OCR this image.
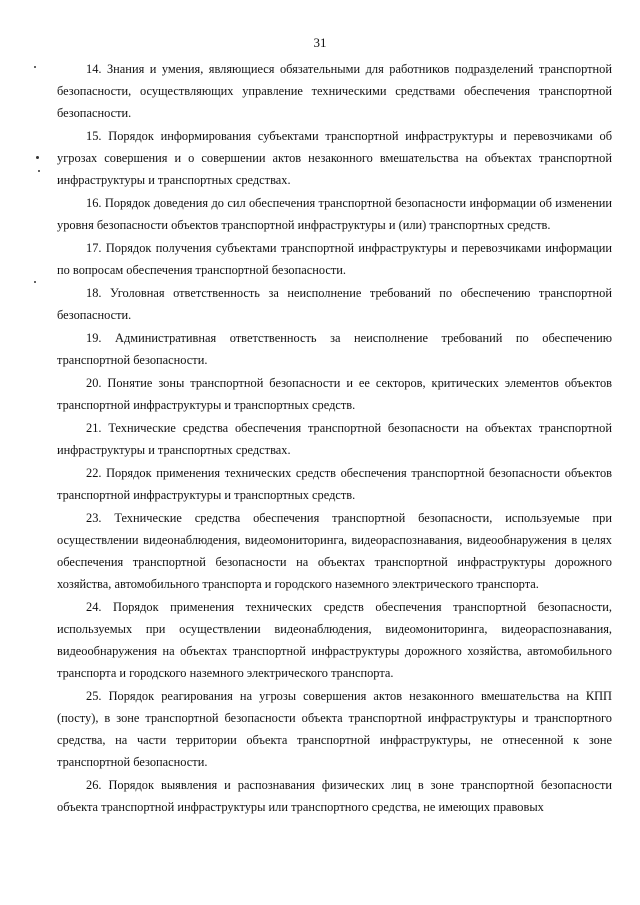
31

14. Знания и умения, являющиеся обязательными для работников подразделений транспортной безопасности, осуществляющих управление техническими средствами обеспечения транспортной безопасности.

15. Порядок информирования субъектами транспортной инфраструктуры и перевозчиками об угрозах совершения и о совершении актов незаконного вмешательства на объектах транспортной инфраструктуры и транспортных средствах.

16. Порядок доведения до сил обеспечения транспортной безопасности информации об изменении уровня безопасности объектов транспортной инфраструктуры и (или) транспортных средств.

17. Порядок получения субъектами транспортной инфраструктуры и перевозчиками информации по вопросам обеспечения транспортной безопасности.

18. Уголовная ответственность за неисполнение требований по обеспечению транспортной безопасности.

19. Административная ответственность за неисполнение требований по обеспечению транспортной безопасности.

20. Понятие зоны транспортной безопасности и ее секторов, критических элементов объектов транспортной инфраструктуры и транспортных средств.

21. Технические средства обеспечения транспортной безопасности на объектах транспортной инфраструктуры и транспортных средствах.

22. Порядок применения технических средств обеспечения транспортной безопасности объектов транспортной инфраструктуры и транспортных средств.

23. Технические средства обеспечения транспортной безопасности, используемые при осуществлении видеонаблюдения, видеомониторинга, видеораспознавания, видеообнаружения в целях обеспечения транспортной безопасности на объектах транспортной инфраструктуры дорожного хозяйства, автомобильного транспорта и городского наземного электрического транспорта.

24. Порядок применения технических средств обеспечения транспортной безопасности, используемых при осуществлении видеонаблюдения, видеомониторинга, видеораспознавания, видеообнаружения на объектах транспортной инфраструктуры дорожного хозяйства, автомобильного транспорта и городского наземного электрического транспорта.

25. Порядок реагирования на угрозы совершения актов незаконного вмешательства на КПП (посту), в зоне транспортной безопасности объекта транспортной инфраструктуры и транспортного средства, на части территории объекта транспортной инфраструктуры, не отнесенной к зоне транспортной безопасности.

26. Порядок выявления и распознавания физических лиц в зоне транспортной безопасности объекта транспортной инфраструктуры или транспортного средства, не имеющих правовых
